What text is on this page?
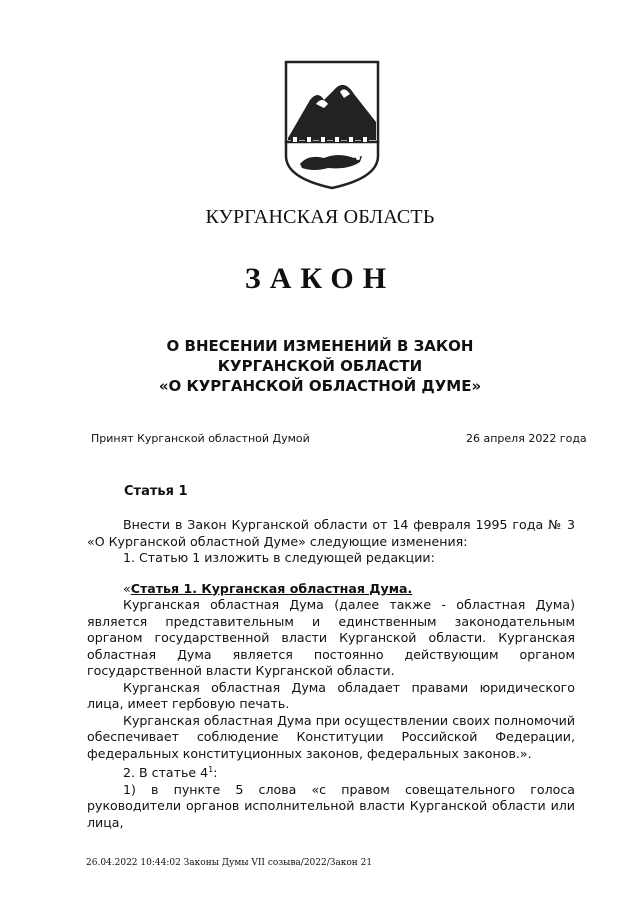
КУРГАНСКАЯ ОБЛАСТЬ
ЗАКОН
О ВНЕСЕНИИ ИЗМЕНЕНИЙ В ЗАКОН
КУРГАНСКОЙ ОБЛАСТИ
«О КУРГАНСКОЙ ОБЛАСТНОЙ ДУМЕ»
Принят Курганской областной Думой	26 апреля 2022 года
Статья 1

Внести в Закон Курганской области от 14 февраля 1995 года № 3 «О Курганской областной Думе» следующие изменения:

1. Статью 1 изложить в следующей редакции:

«Статья 1. Курганская областная Дума.

Курганская областная Дума (далее также - областная Дума) является представительным и единственным законодательным органом государственной власти Курганской области. Курганская областная Дума является постоянно действующим органом государственной власти Курганской области.

Курганская областная Дума обладает правами юридического лица, имеет гербовую печать.

Курганская областная Дума при осуществлении своих полномочий обеспечивает соблюдение Конституции Российской Федерации, федеральных конституционных законов, федеральных законов.».

2. В статье $4^1$:

1) в пункте 5 слова «с правом совещательного голоса руководители органов исполнительной власти Курганской области или лица,

26.04.2022 10:44:02 Законы Думы VII созыва/2022/Закон 21
